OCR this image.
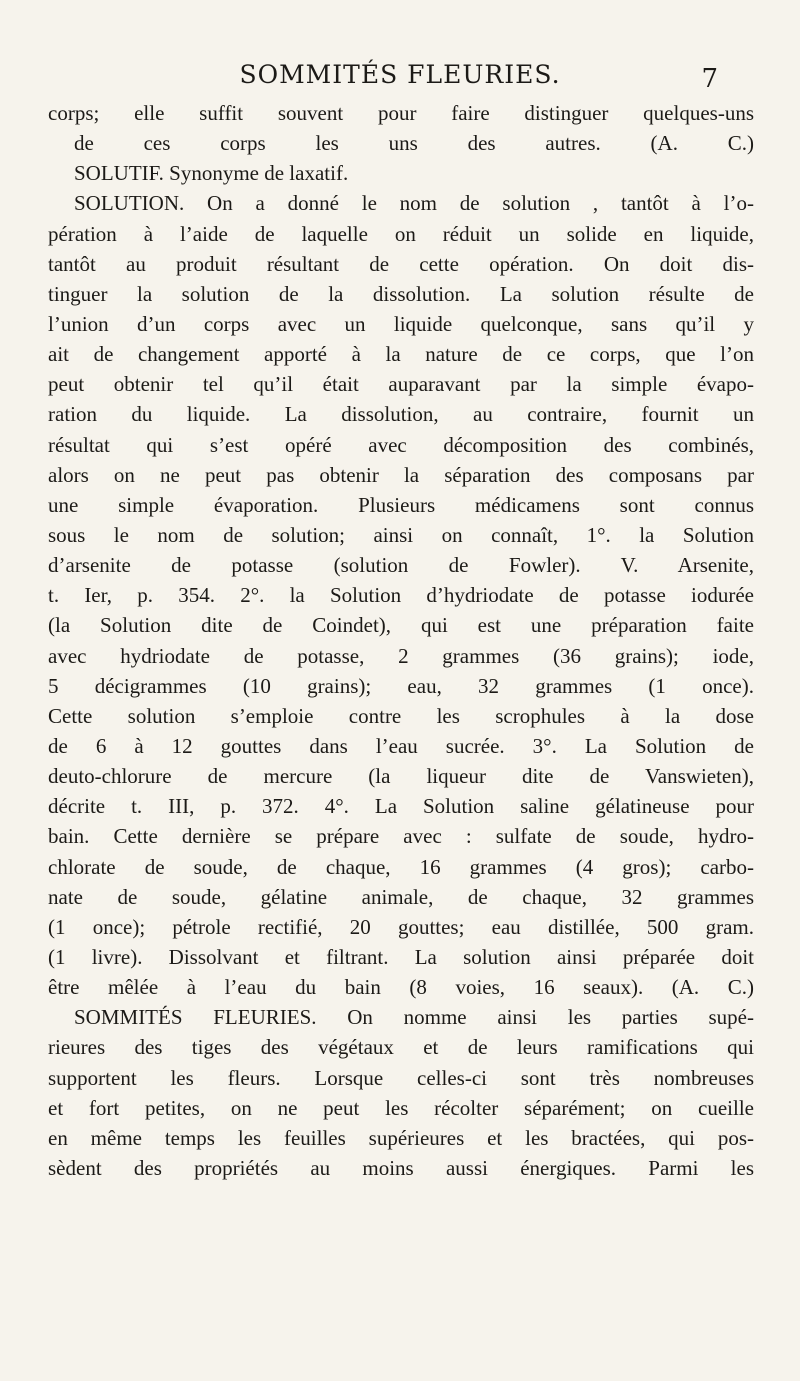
SOMMITÉS FLEURIES.	7
corps; elle suffit souvent pour faire distinguer quelques-uns
de ces corps les uns des autres. (A. C.)
SOLUTIF. Synonyme de laxatif.
SOLUTION. On a donné le nom de solution , tantôt à l’o-
pération à l’aide de laquelle on réduit un solide en liquide,
tantôt au produit résultant de cette opération. On doit dis-
tinguer la solution de la dissolution. La solution résulte de
l’union d’un corps avec un liquide quelconque, sans qu’il y
ait de changement apporté à la nature de ce corps, que l’on
peut obtenir tel qu’il était auparavant par la simple évapo-
ration du liquide. La dissolution, au contraire, fournit un
résultat qui s’est opéré avec décomposition des combinés,
alors on ne peut pas obtenir la séparation des composans par
une simple évaporation. Plusieurs médicamens sont connus
sous le nom de solution; ainsi on connaît, 1°. la Solution
d’arsenite de potasse (solution de Fowler). V. Arsenite,
t. Ier, p. 354. 2°. la Solution d’hydriodate de potasse iodurée
(la Solution dite de Coindet), qui est une préparation faite
avec hydriodate de potasse, 2 grammes (36 grains); iode,
5 décigrammes (10 grains); eau, 32 grammes (1 once).
Cette solution s’emploie contre les scrophules à la dose
de 6 à 12 gouttes dans l’eau sucrée. 3°. La Solution de
deuto-chlorure de mercure (la liqueur dite de Vanswieten),
décrite t. III, p. 372. 4°. La Solution saline gélatineuse pour
bain. Cette dernière se prépare avec : sulfate de soude, hydro-
chlorate de soude, de chaque, 16 grammes (4 gros); carbo-
nate de soude, gélatine animale, de chaque, 32 grammes
(1 once); pétrole rectifié, 20 gouttes; eau distillée, 500 gram.
(1 livre). Dissolvant et filtrant. La solution ainsi préparée doit
être mêlée à l’eau du bain (8 voies, 16 seaux). (A. C.)
SOMMITÉS FLEURIES. On nomme ainsi les parties supé-
rieures des tiges des végétaux et de leurs ramifications qui
supportent les fleurs. Lorsque celles-ci sont très nombreuses
et fort petites, on ne peut les récolter séparément; on cueille
en même temps les feuilles supérieures et les bractées, qui pos-
sèdent des propriétés au moins aussi énergiques. Parmi les
